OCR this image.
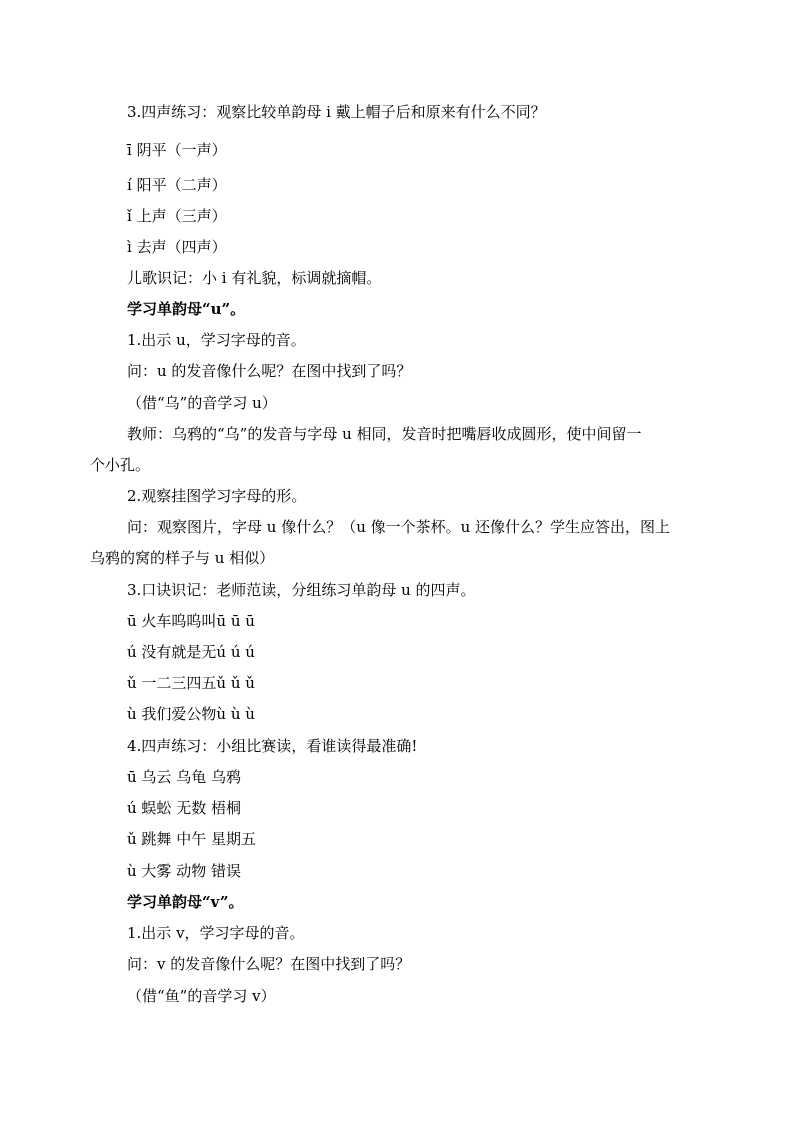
3.四声练习：观察比较单韵母 i 戴上帽子后和原来有什么不同？
ī 阴平（一声）
í 阳平（二声）
ǐ 上声（三声）
ì 去声（四声）
儿歌识记：小 i 有礼貌，标调就摘帽。
学习单韵母“u”。
1.出示 u，学习字母的音。
问：u 的发音像什么呢？在图中找到了吗？
（借“乌”的音学习 u）
教师：乌鸦的“乌”的发音与字母 u 相同，发音时把嘴唇收成圆形，使中间留一
个小孔。
2.观察挂图学习字母的形。
问：观察图片，字母 u 像什么？（u 像一个茶杯。u 还像什么？学生应答出，图上
乌鸦的窝的样子与 u 相似）
3.口诀识记：老师范读，分组练习单韵母 u 的四声。
ū 火车呜呜叫ū ū ū
ú 没有就是无ú ú ú
ǔ 一二三四五ǔ ǔ ǔ
ù 我们爱公物ù ù ù
4.四声练习：小组比赛读，看谁读得最准确!
ū 乌云 乌龟 乌鸦
ú 蜈蚣 无数 梧桐
ǔ 跳舞 中午 星期五
ù 大雾 动物 错误
学习单韵母“v”。
1.出示 v，学习字母的音。
问：v 的发音像什么呢？在图中找到了吗？
（借“鱼”的音学习 v）
